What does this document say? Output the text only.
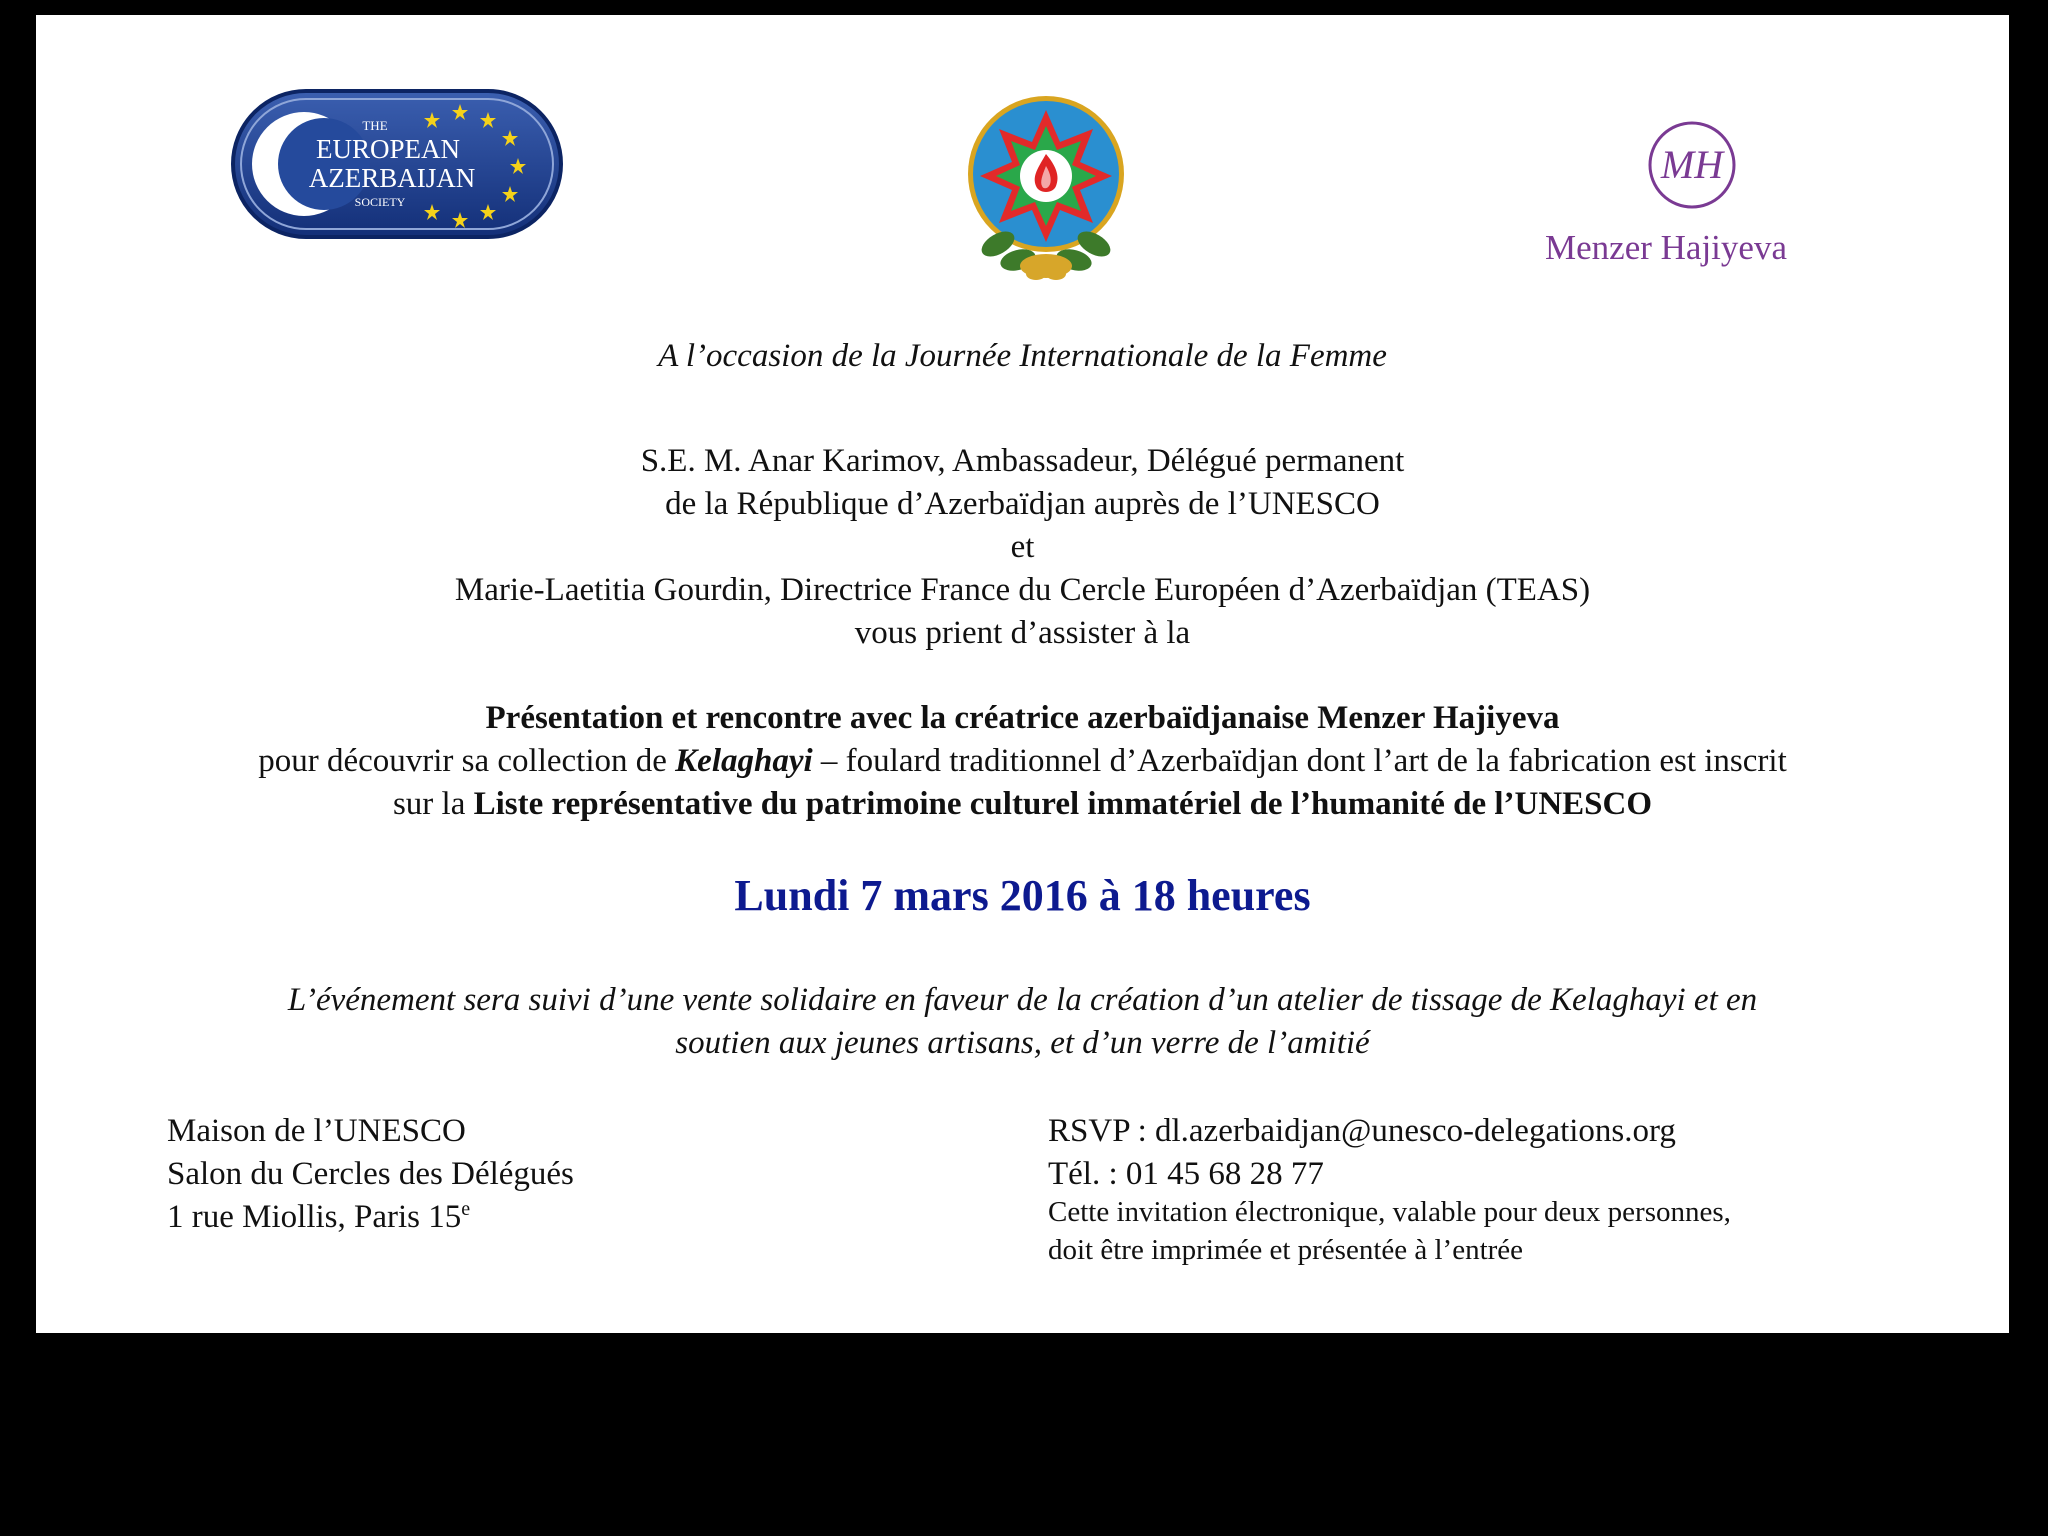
THE
EUROPEAN
AZERBAIJAN
SOCIETY
MH
Menzer Hajiyeva
A l’occasion de la Journée Internationale de la Femme
S.E. M. Anar Karimov, Ambassadeur, Délégué permanent
de la République d’Azerbaïdjan auprès de l’UNESCO
et
Marie-Laetitia Gourdin, Directrice France du Cercle Européen d’Azerbaïdjan (TEAS)
vous prient d’assister à la
Présentation et rencontre avec la créatrice azerbaïdjanaise Menzer Hajiyeva
pour découvrir sa collection de Kelaghayi – foulard traditionnel d’Azerbaïdjan dont l’art de la fabrication est inscrit
sur la Liste représentative du patrimoine culturel immatériel de l’humanité de l’UNESCO
Lundi 7 mars 2016 à 18 heures
L’événement sera suivi d’une vente solidaire en faveur de la création d’un atelier de tissage de Kelaghayi et en
soutien aux jeunes artisans, et d’un verre de l’amitié
Maison de l’UNESCO
Salon du Cercles des Délégués
1 rue Miollis, Paris 15e
RSVP : dl.azerbaidjan@unesco-delegations.org
Tél. : 01 45 68 28 77
Cette invitation électronique, valable pour deux personnes,
doit être imprimée et présentée à l’entrée
